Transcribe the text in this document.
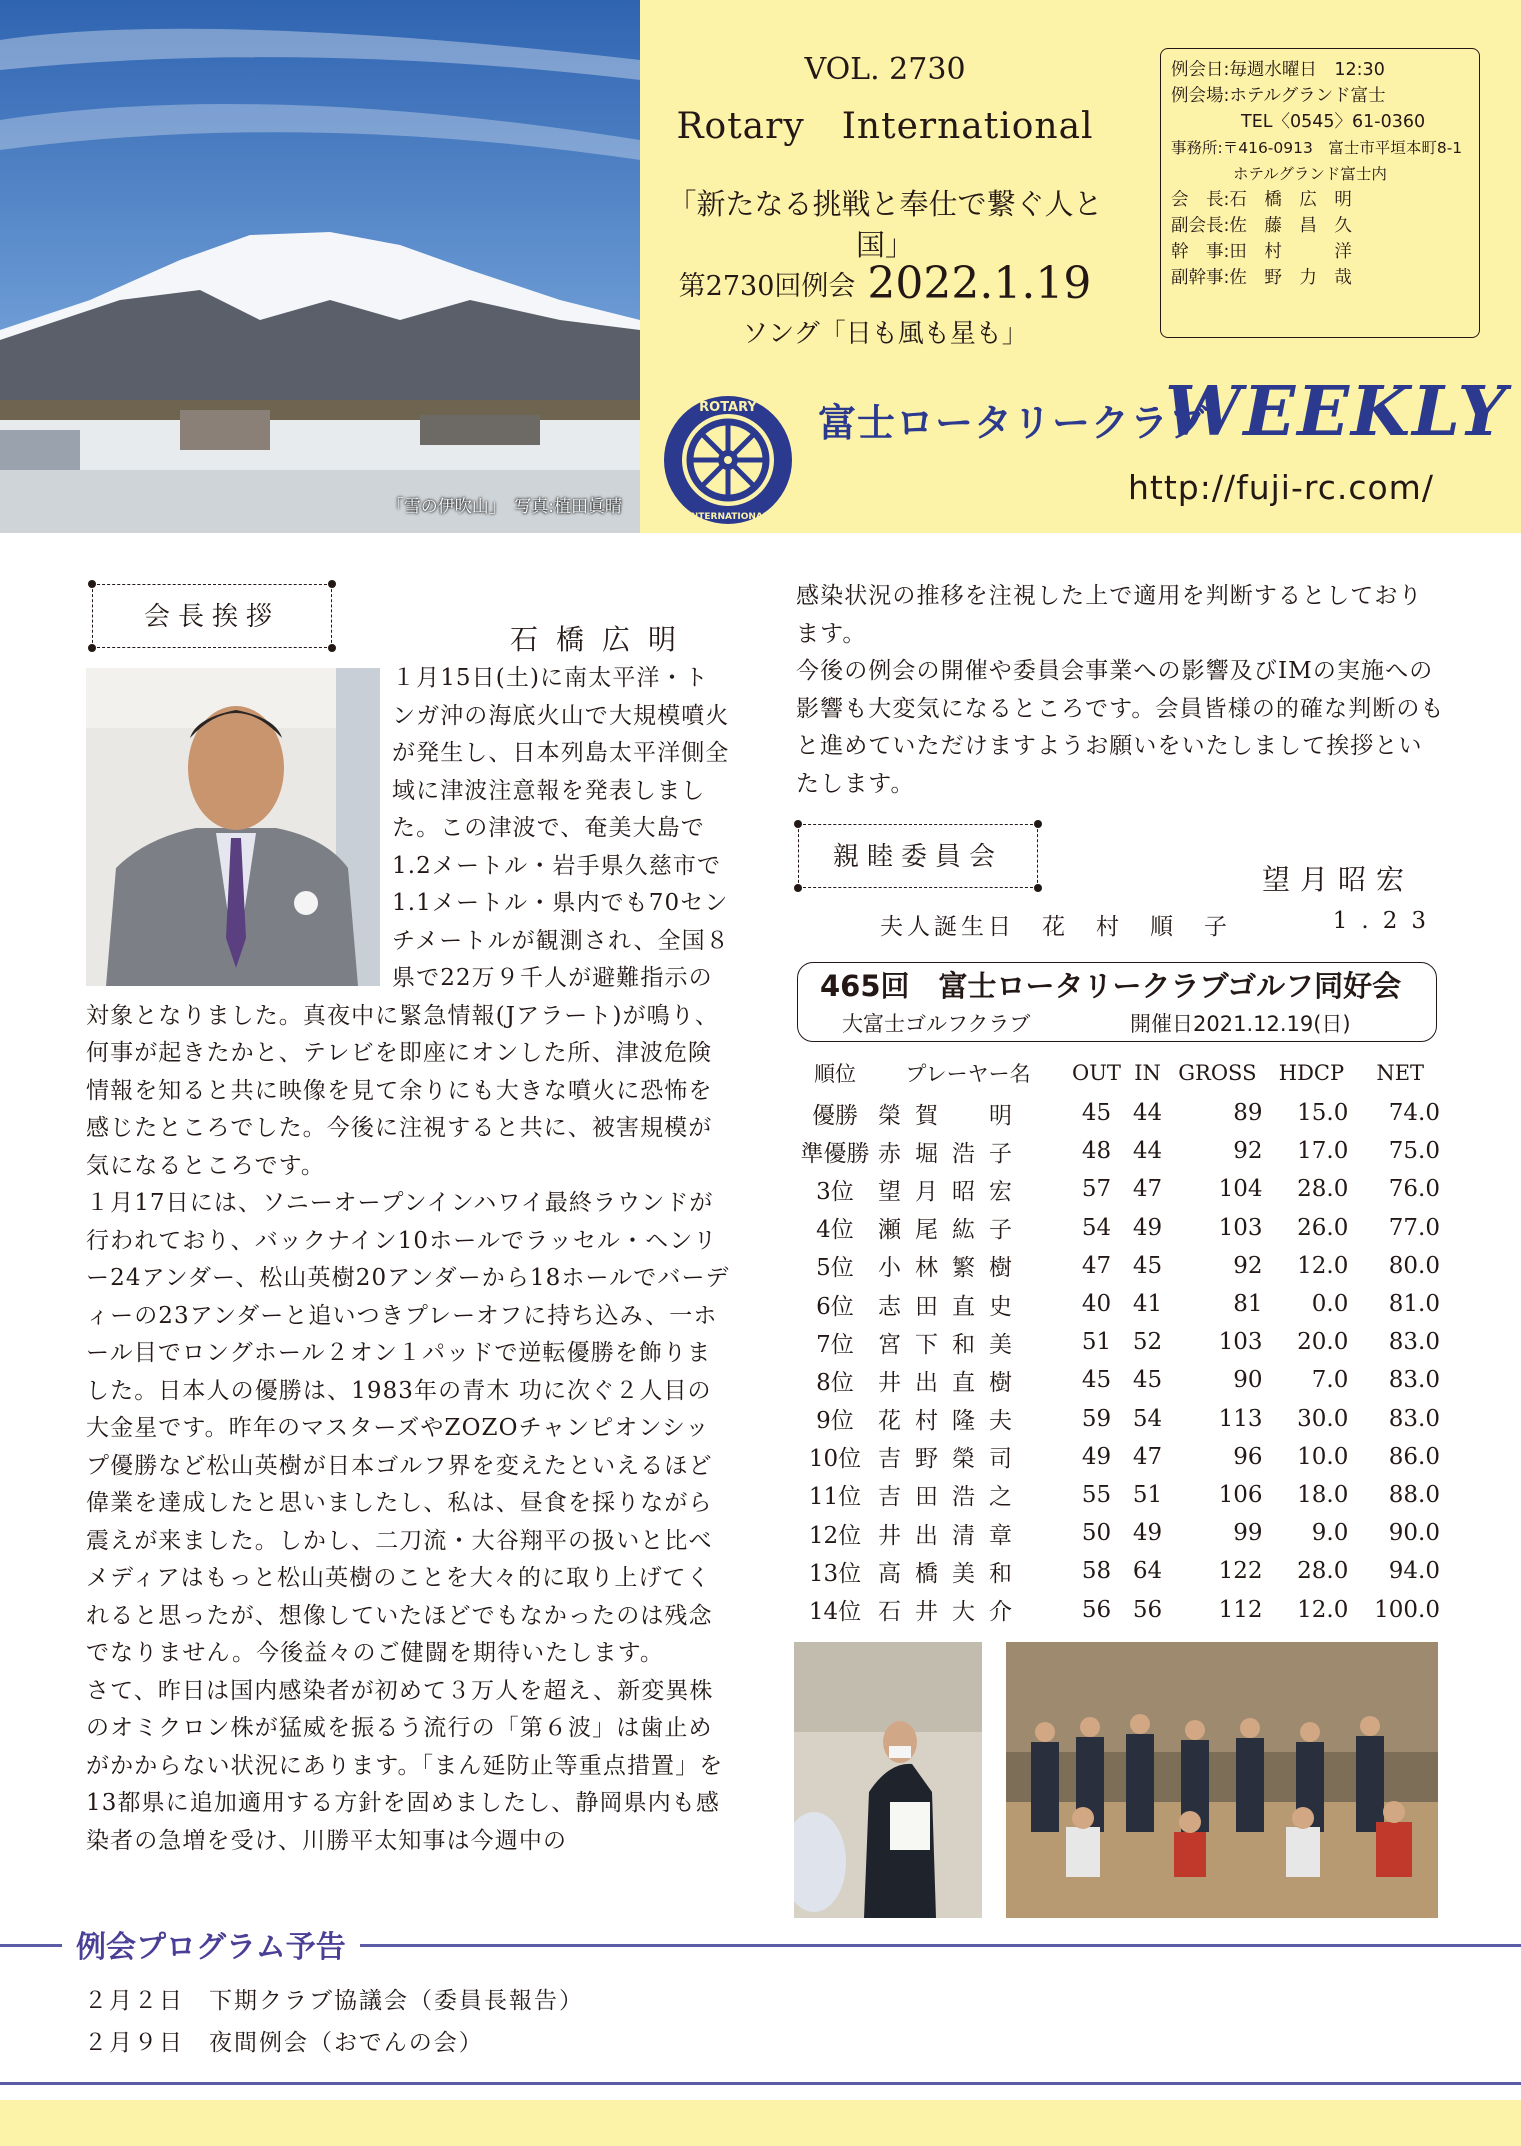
「雪の伊吹山」　写真:植田眞晴
VOL. 2730
Rotary　International
「新たなる挑戦と奉仕で繋ぐ人と国」
第2730回例会 2022.1.19
ソング「日も風も星も」
例会日:毎週水曜日　12:30
例会場:ホテルグランド富士
　　　　TEL〈0545〉61-0360
事務所:〒416-0913　富士市平垣本町8-1
　　　　ホテルグランド富士内
会　長:石　橋　広　明
副会長:佐　藤　昌　久
幹　事:田　村　　　洋
副幹事:佐　野　力　哉
ROTARY
INTERNATIONAL
富士ロータリークラブ
WEEKLY
http://fuji-rc.com/
会長挨拶
石橋広明

１月15日(土)に南太平洋・トンガ沖の海底火山で大規模噴火が発生し、日本列島太平洋側全域に津波注意報を発表しました。この津波で、奄美大島で1.2メートル・岩手県久慈市で1.1メートル・県内でも70センチメートルが観測され、全国８県で22万９千人が避難指示の対象となりました。真夜中に緊急情報(Jアラート)が鳴り、何事が起きたかと、テレビを即座にオンした所、津波危険情報を知ると共に映像を見て余りにも大きな噴火に恐怖を感じたところでした。今後に注視すると共に、被害規模が気になるところです。

１月17日には、ソニーオープンインハワイ最終ラウンドが行われており、バックナイン10ホールでラッセル・ヘンリー24アンダー、松山英樹20アンダーから18ホールでバーディーの23アンダーと追いつきプレーオフに持ち込み、一ホール目でロングホール２オン１パッドで逆転優勝を飾りました。日本人の優勝は、1983年の青木 功に次ぐ２人目の大金星です。昨年のマスターズやZOZOチャンピオンシップ優勝など松山英樹が日本ゴルフ界を変えたといえるほど偉業を達成したと思いましたし、私は、昼食を採りながら震えが来ました。しかし、二刀流・大谷翔平の扱いと比べメディアはもっと松山英樹のことを大々的に取り上げてくれると思ったが、想像していたほどでもなかったのは残念でなりません。今後益々のご健闘を期待いたします。

さて、昨日は国内感染者が初めて３万人を超え、新変異株のオミクロン株が猛威を振るう流行の「第６波」は歯止めがかからない状況にあります。「まん延防止等重点措置」を13都県に追加適用する方針を固めましたし、静岡県内も感染者の急増を受け、川勝平太知事は今週中の

感染状況の推移を注視した上で適用を判断するとしております。

今後の例会の開催や委員会事業への影響及びIMの実施への影響も大変気になるところです。会員皆様の的確な判断のもと進めていただけますようお願いをいたしまして挨拶といたします。

親睦委員会
望月昭宏
夫人誕生日　 花　村　順　子	1.23
465回　富士ロータリークラブゴルフ同好会
大富士ゴルフクラブ	開催日2021.12.19(日)
順位	プレーヤー名	OUT	IN	GROSS	HDCP	NET
優勝	榮賀　明	45	44	89	15.0	74.0
準優勝	赤堀浩子	48	44	92	17.0	75.0
3位	望月昭宏	57	47	104	28.0	76.0
4位	瀬尾紘子	54	49	103	26.0	77.0
5位	小林繁樹	47	45	92	12.0	80.0
6位	志田直史	40	41	81	0.0	81.0
7位	宮下和美	51	52	103	20.0	83.0
8位	井出直樹	45	45	90	7.0	83.0
9位	花村隆夫	59	54	113	30.0	83.0
10位	吉野榮司	49	47	96	10.0	86.0
11位	吉田浩之	55	51	106	18.0	88.0
12位	井出清章	50	49	99	9.0	90.0
13位	高橋美和	58	64	122	28.0	94.0
14位	石井大介	56	56	112	12.0	100.0
例会プログラム予告
２月２日　下期クラブ協議会（委員長報告）
２月９日　夜間例会（おでんの会）
